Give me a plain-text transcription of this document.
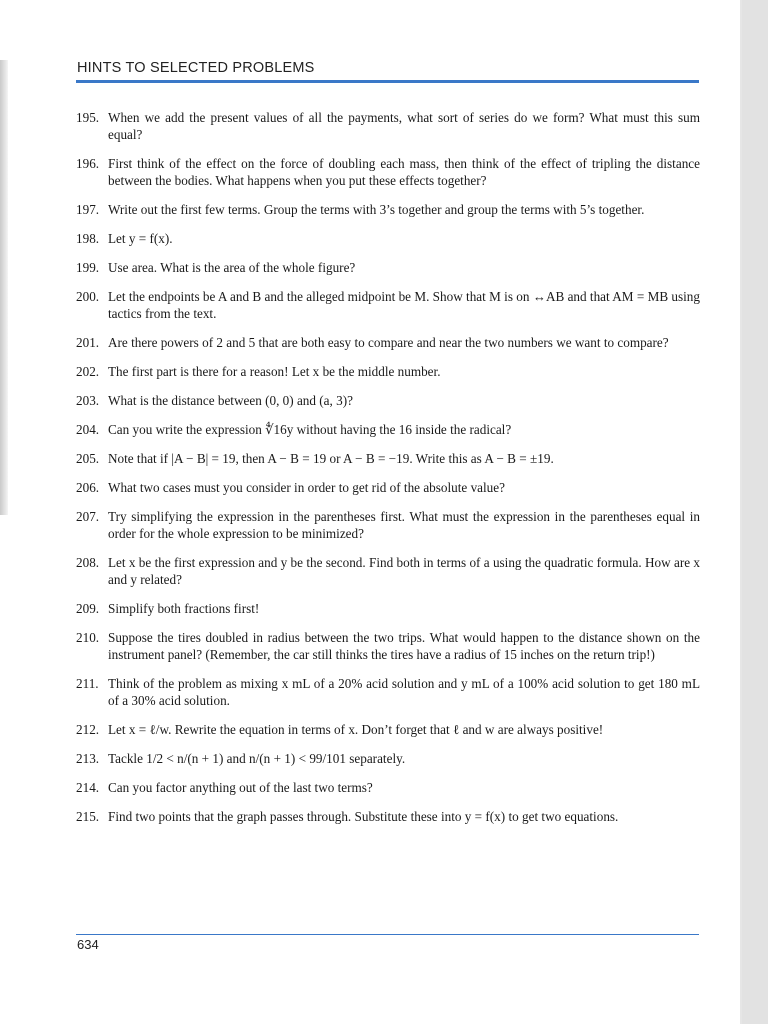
HINTS TO SELECTED PROBLEMS
195. When we add the present values of all the payments, what sort of series do we form? What must this sum equal?
196. First think of the effect on the force of doubling each mass, then think of the effect of tripling the distance between the bodies. What happens when you put these effects together?
197. Write out the first few terms. Group the terms with 3’s together and group the terms with 5’s together.
198. Let y = f(x).
199. Use area. What is the area of the whole figure?
200. Let the endpoints be A and B and the alleged midpoint be M. Show that M is on ↔AB and that AM = MB using tactics from the text.
201. Are there powers of 2 and 5 that are both easy to compare and near the two numbers we want to compare?
202. The first part is there for a reason! Let x be the middle number.
203. What is the distance between (0, 0) and (a, 3)?
204. Can you write the expression ∜16y without having the 16 inside the radical?
205. Note that if |A − B| = 19, then A − B = 19 or A − B = −19. Write this as A − B = ±19.
206. What two cases must you consider in order to get rid of the absolute value?
207. Try simplifying the expression in the parentheses first. What must the expression in the parentheses equal in order for the whole expression to be minimized?
208. Let x be the first expression and y be the second. Find both in terms of a using the quadratic formula. How are x and y related?
209. Simplify both fractions first!
210. Suppose the tires doubled in radius between the two trips. What would happen to the distance shown on the instrument panel? (Remember, the car still thinks the tires have a radius of 15 inches on the return trip!)
211. Think of the problem as mixing x mL of a 20% acid solution and y mL of a 100% acid solution to get 180 mL of a 30% acid solution.
212. Let x = ℓ/w. Rewrite the equation in terms of x. Don’t forget that ℓ and w are always positive!
213. Tackle 1/2 < n/(n + 1) and n/(n + 1) < 99/101 separately.
214. Can you factor anything out of the last two terms?
215. Find two points that the graph passes through. Substitute these into y = f(x) to get two equations.
634
